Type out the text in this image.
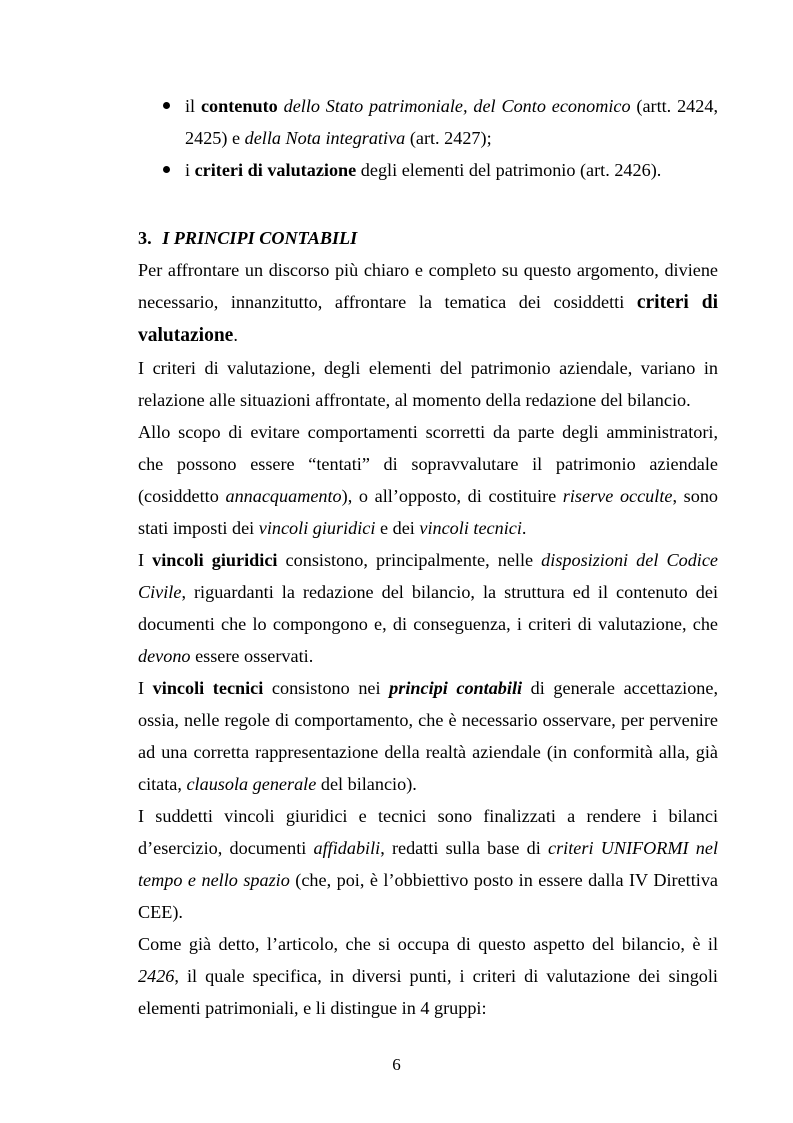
il contenuto dello Stato patrimoniale, del Conto economico (artt. 2424, 2425) e della Nota integrativa (art. 2427);
i criteri di valutazione degli elementi del patrimonio (art. 2426).
3. I PRINCIPI CONTABILI

Per affrontare un discorso più chiaro e completo su questo argomento, diviene necessario, innanzitutto, affrontare la tematica dei cosiddetti criteri di valutazione.

I criteri di valutazione, degli elementi del patrimonio aziendale, variano in relazione alle situazioni affrontate, al momento della redazione del bilancio.

Allo scopo di evitare comportamenti scorretti da parte degli amministratori, che possono essere “tentati” di sopravvalutare il patrimonio aziendale (cosiddetto annacquamento), o all’opposto, di costituire riserve occulte, sono stati imposti dei vincoli giuridici e dei vincoli tecnici.

I vincoli giuridici consistono, principalmente, nelle disposizioni del Codice Civile, riguardanti la redazione del bilancio, la struttura ed il contenuto dei documenti che lo compongono e, di conseguenza, i criteri di valutazione, che devono essere osservati.

I vincoli tecnici consistono nei principi contabili di generale accettazione, ossia, nelle regole di comportamento, che è necessario osservare, per pervenire ad una corretta rappresentazione della realtà aziendale (in conformità alla, già citata, clausola generale del bilancio).

I suddetti vincoli giuridici e tecnici sono finalizzati a rendere i bilanci d’esercizio, documenti affidabili, redatti sulla base di criteri UNIFORMI nel tempo e nello spazio (che, poi, è l’obbiettivo posto in essere dalla IV Direttiva CEE).

Come già detto, l’articolo, che si occupa di questo aspetto del bilancio, è il 2426, il quale specifica, in diversi punti, i criteri di valutazione dei singoli elementi patrimoniali, e li distingue in 4 gruppi:

6
